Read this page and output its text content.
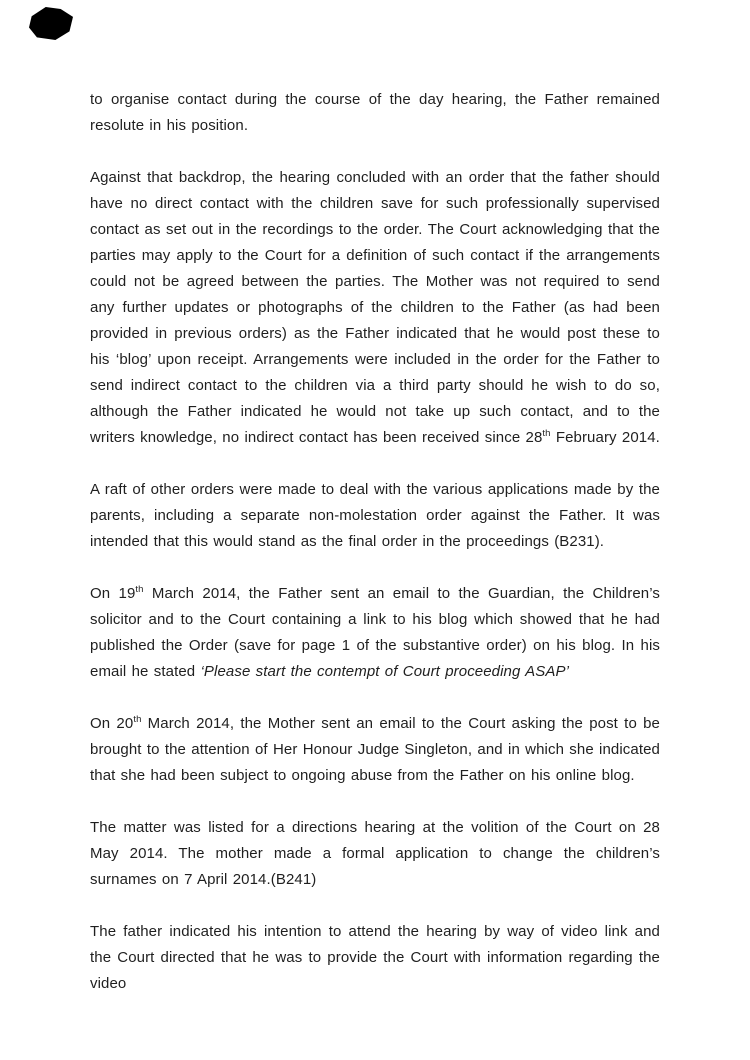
to organise contact during the course of the day hearing, the Father remained resolute in his position.

Against that backdrop, the hearing concluded with an order that the father should have no direct contact with the children save for such professionally supervised contact as set out in the recordings to the order. The Court acknowledging that the parties may apply to the Court for a definition of such contact if the arrangements could not be agreed between the parties. The Mother was not required to send any further updates or photographs of the children to the Father (as had been provided in previous orders) as the Father indicated that he would post these to his ‘blog’ upon receipt. Arrangements were included in the order for the Father to send indirect contact to the children via a third party should he wish to do so, although the Father indicated he would not take up such contact, and to the writers knowledge, no indirect contact has been received since 28th February 2014.

A raft of other orders were made to deal with the various applications made by the parents, including a separate non-molestation order against the Father. It was intended that this would stand as the final order in the proceedings (B231).

On 19th March 2014, the Father sent an email to the Guardian, the Children’s solicitor and to the Court containing a link to his blog which showed that he had published the Order (save for page 1 of the substantive order) on his blog. In his email he stated ‘Please start the contempt of Court proceeding ASAP’

On 20th March 2014, the Mother sent an email to the Court asking the post to be brought to the attention of Her Honour Judge Singleton, and in which she indicated that she had been subject to ongoing abuse from the Father on his online blog.

The matter was listed for a directions hearing at the volition of the Court on 28 May 2014. The mother made a formal application to change the children’s surnames on 7 April 2014.(B241)

The father indicated his intention to attend the hearing by way of video link and the Court directed that he was to provide the Court with information regarding the video
